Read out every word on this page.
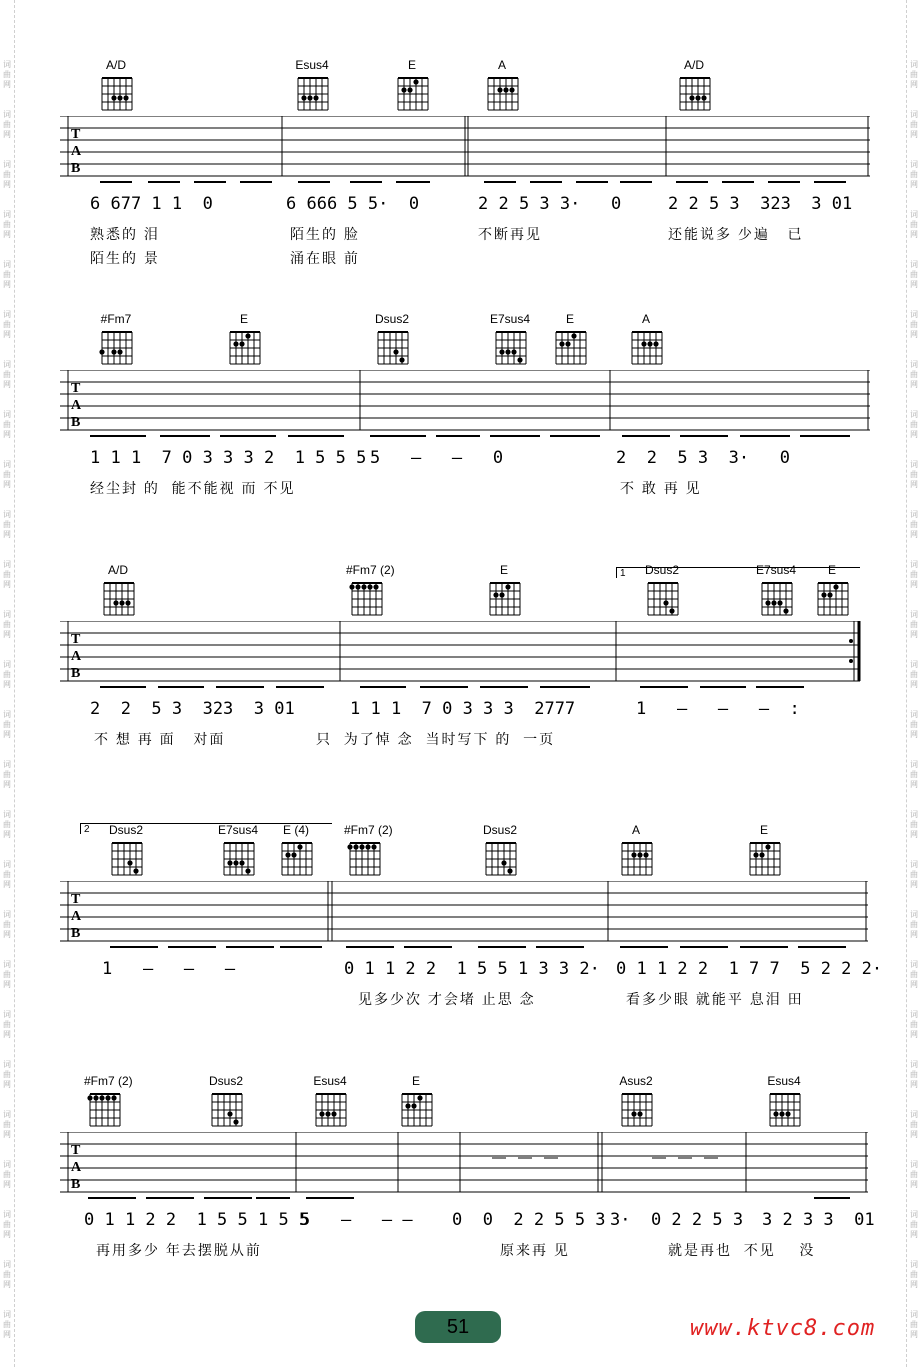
词
曲
网
词
曲
网
词
曲
网
词
曲
网
词
曲
网
词
曲
网
词
曲
网
词
曲
网
词
曲
网
词
曲
网
词
曲
网
词
曲
网
词
曲
网
词
曲
网
词
曲
网
词
曲
网
词
曲
网
词
曲
网
词
曲
网
词
曲
网
词
曲
网
词
曲
网
词
曲
网
词
曲
网
词
曲
网
词
曲
网
词
曲
网
词
曲
网
词
曲
网
词
曲
网
词
曲
网
词
曲
网
词
曲
网
词
曲
网
词
曲
网
词
曲
网
词
曲
网
词
曲
网
词
曲
网
词
曲
网
词
曲
网
词
曲
网
词
曲
网
词
曲
网
词
曲
网
词
曲
网
词
曲
网
词
曲
网
词
曲
网
词
曲
网
词
曲
网
词
曲
网
A/D	Esus4	E	A	A/D
T
A
B

6 677 1 1  0

	6 666 5 5·  0

	2 2 5 3 3·   0

	2 2 5 3  323  3 01

熟悉的 泪	陌生的 脸	不断再见	还能说多 少遍   已
陌生的 景	涌在眼 前
#Fm7	E	Dsus2	E7sus4	E	A
T
A
B

1 1 1  7 0 3 3 3 2  1 5 5 5

5   —   —   0

	2  2  5 3  3·   0

经尘封 的  能不能视 而 不见	不 敢 再 见
1
A/D	#Fm7 (2)	E	Dsus2	E7sus4	E
T
A
B

2  2  5 3  323  3 01

	1 1 1  7 0 3 3 3  2777

	1   —   —   —  :

不 想 再 面   对面	只  为了悼 念  当时写下 的  一页
2	Dsus2	E7sus4	E (4)	#Fm7 (2)	Dsus2	A	E
T
A
B

1   —   —   —

	0 1 1 2 2  1 5 5 1 3 3 2·

0 1 1 2 2  1 7 7  5 2 2 2·

见多少次 才会堵 止思 念	看多少眼 就能平 息泪 田
#Fm7 (2)	Dsus2	Esus4	E	Asus2	Esus4
T
A
B

0 1 1 2 2  1 5 5 1 5 5

5   —   — —

0  0  2 2 5 5 3

3·  0 2 2 5 3

3 2 3 3  01

再用多少 年去摆脱从前	原来再 见	就是再也  不见    没
51	www.ktvc8.com
